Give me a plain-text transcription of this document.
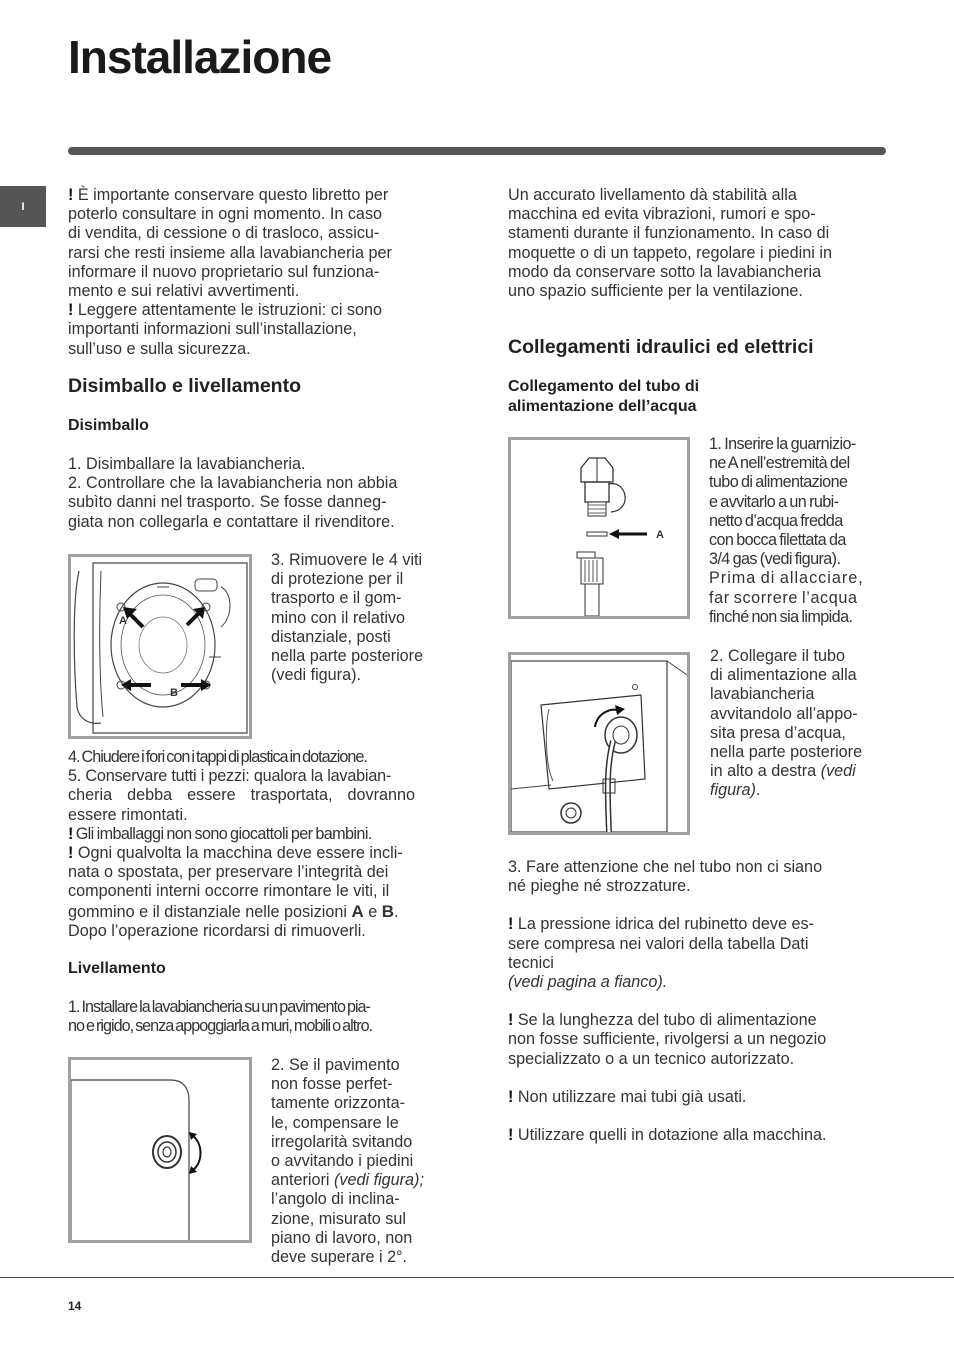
Installazione
I

! È importante conservare questo libretto per

poterlo consultare in ogni momento. In caso

di vendita, di cessione o di trasloco, assicu-

rarsi che resti insieme alla lavabiancheria per

informare il nuovo proprietario sul funziona-

mento e sui relativi avvertimenti.

! Leggere attentamente le istruzioni: ci sono

importanti informazioni sull’installazione,

sull’uso e sulla sicurezza.

Disimballo e livellamento
Disimballo

1. Disimballare la lavabiancheria.

2. Controllare che la lavabiancheria non abbia

subìto danni nel trasporto. Se fosse danneg-

giata non collegarla e contattare il rivenditore.

A
B

3. Rimuovere le 4 viti

di protezione per il

trasporto e il gom-

mino con il relativo

distanziale, posti

nella parte posteriore

(vedi figura).

4. Chiudere i fori con i tappi di plastica in dotazione.

5. Conservare tutti i pezzi: qualora la lavabian-

cheria debba essere trasportata, dovranno

essere rimontati.

! Gli imballaggi non sono giocattoli per bambini.

! Ogni qualvolta la macchina deve essere incli-

nata o spostata, per preservare l’integrità dei

componenti interni occorre rimontare le viti, il

gommino e il distanziale nelle posizioni A e B.

Dopo l’operazione ricordarsi di rimuoverli.

Livellamento

1. Installare la lavabiancheria su un pavimento pia-

no e rigido, senza appoggiarla a muri, mobili o altro.

2. Se il pavimento

non fosse perfet-

tamente orizzonta-

le, compensare le

irregolarità svitando

o avvitando i piedini

anteriori (vedi figura);

l’angolo di inclina-

zione, misurato sul

piano di lavoro, non

deve superare i 2°.

Un accurato livellamento dà stabilità alla

macchina ed evita vibrazioni, rumori e spo-

stamenti durante il funzionamento. In caso di

moquette o di un tappeto, regolare i piedini in

modo da conservare sotto la lavabiancheria

uno spazio sufficiente per la ventilazione.

Collegamenti idraulici ed elettrici

Collegamento del tubo di

alimentazione dell’acqua

A

1. Inserire la guarnizio-

ne A nell’estremità del

tubo di alimentazione

e avvitarlo a un rubi-

netto d’acqua fredda

con bocca filettata da

3/4 gas (vedi figura).

Prima di allacciare,

far scorrere l’acqua

finché non sia limpida.

2. Collegare il tubo

di alimentazione alla

lavabiancheria

avvitandolo all’appo-

sita presa d’acqua,

nella parte posteriore

in alto a destra (vedi

figura).

3. Fare attenzione che nel tubo non ci siano

né pieghe né strozzature.

! La pressione idrica del rubinetto deve es-

sere compresa nei valori della tabella Dati

tecnici

(vedi pagina a fianco).

! Se la lunghezza del tubo di alimentazione

non fosse sufficiente, rivolgersi a un negozio

specializzato o a un tecnico autorizzato.

! Non utilizzare mai tubi già usati.

! Utilizzare quelli in dotazione alla macchina.

14
